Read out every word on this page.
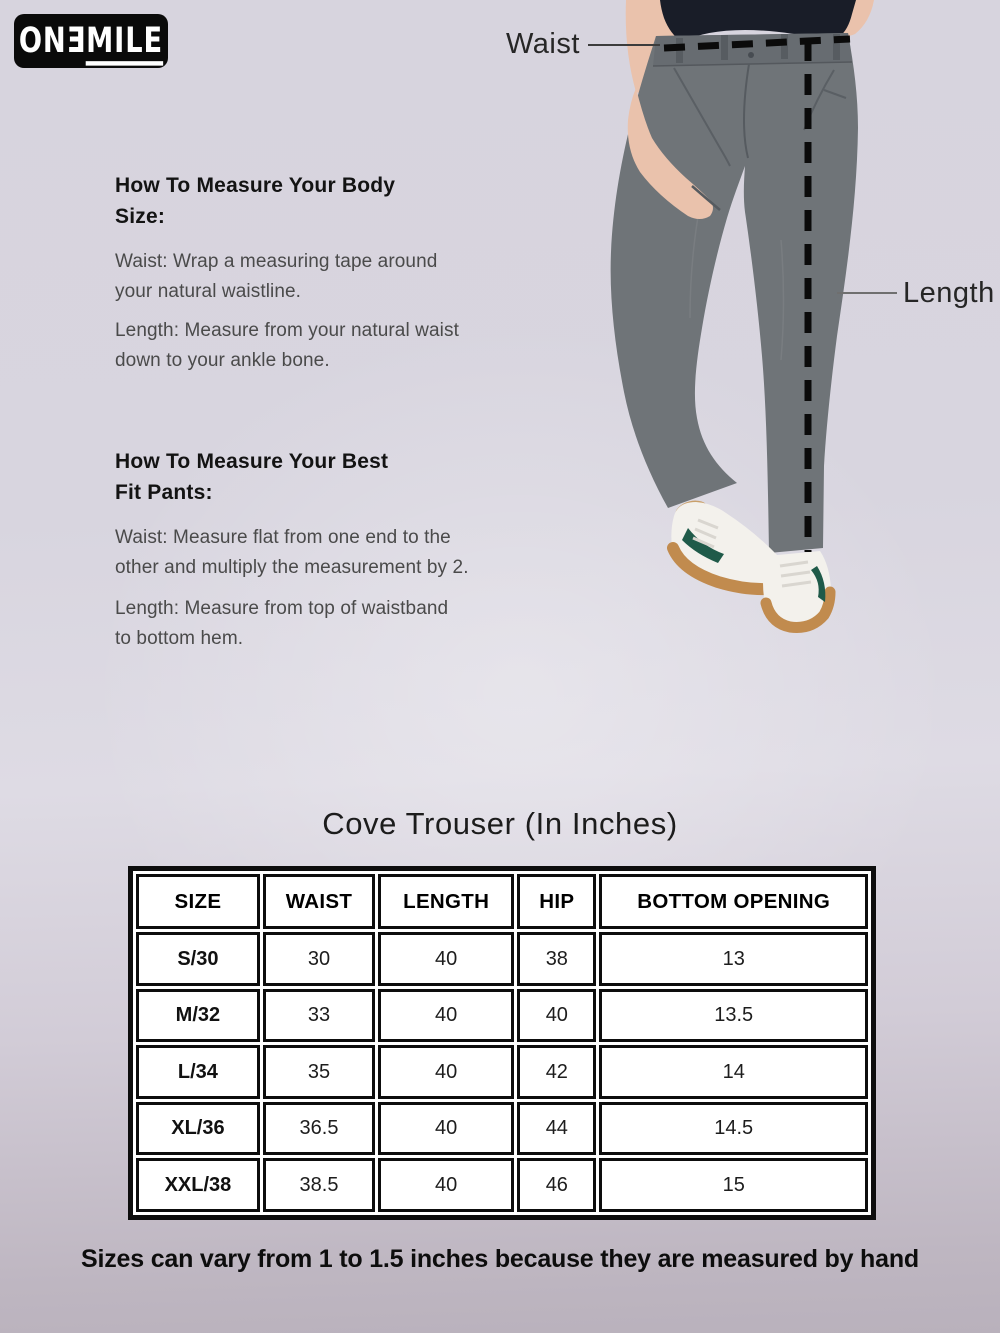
ONƎMILE
How To Measure Your Body
Size:
Waist: Wrap a measuring tape around
your natural waistline.
Length: Measure from your natural waist
down to your ankle bone.
How To Measure Your Best
Fit Pants:
Waist: Measure flat from one end to the
other and multiply the measurement by 2.
Length: Measure from top of waistband
to bottom hem.
Waist
Length
Cove Trouser (In Inches)
SIZE	WAIST	LENGTH	HIP	BOTTOM OPENING
S/30	30	40	38	13
M/32	33	40	40	13.5
L/34	35	40	42	14
XL/36	36.5	40	44	14.5
XXL/38	38.5	40	46	15
Sizes can vary from 1 to 1.5 inches because they are measured by hand
